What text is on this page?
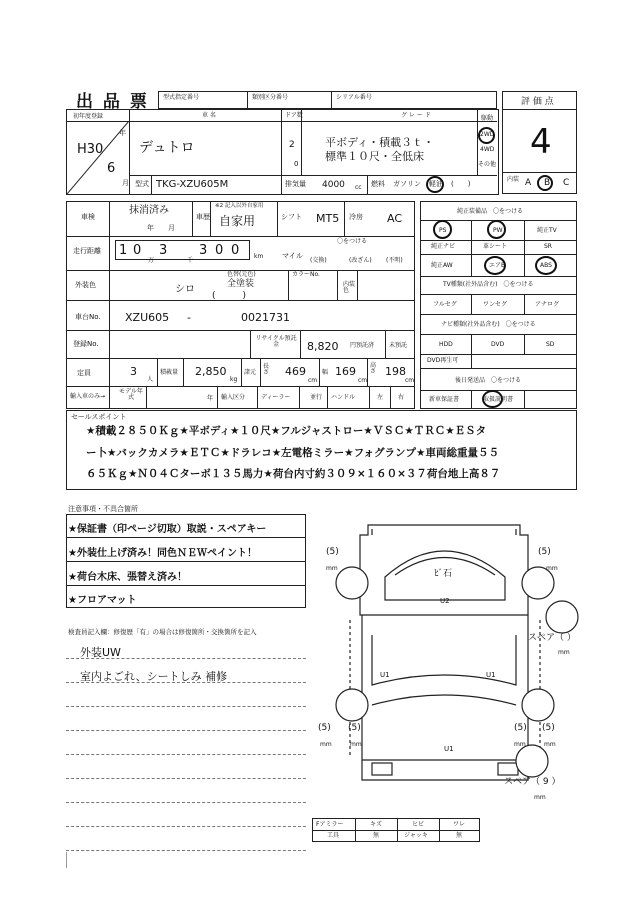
出 品 票 型式指定番号	類別区分番号	シリアル番号	評 価 点
4
内装 A B C
初年度登録
年
H30
6
月
車 名
デュトロ
型式 TKG-XZU605M
ドア数
2
0
排気量 4000 cc 燃料 ガソリン 軽油 (　　)
グ レ ー ド
平ボディ・積載３ｔ・
標準１０尺・全低床
駆動
2WD
4WD
その他
車検
抹消済み
年　　月
車歴
※2 記入以外自家用
自家用	シフト MT5 冷房 AC
走行距離 1 0
万
3
千
3 0 0 km
〇をつける
マイル
(交換)	(改ざん) (不明)
外装色
色替(元色)
シロ	全塗装
(　　　)
カラーNo.
内装色
車台No. XZU605 -	0021731
登録No.
リサイクル預託金	8,820 円預託済 未預託
定員	3
人
積載量 2,850
kg
諸元
長さ 469
cm
幅 169
cm
高さ 198
cm
輸入車のみ→
モデル年式	年 輸入区分	ディーラー	並行 ハンドル	左 右
純正装備品　〇をつける
PS	PW	純正TV
純正ナビ	革シート	SR
純正AW	エアB	ABS
TV種類(社外品含む)　〇をつける
フルセグ	ワンセグ	アナログ
ナビ種類(社外品含む)　〇をつける
HDD	DVD	SD
DVD再生可
後日発送品　〇をつける
新車保証書	取扱説明書
セールスポイント
★積載２８５０Ｋｇ★平ボディ★１０尺★フルジャストロー★ＶＳＣ★ＴＲＣ★ＥＳタ
ー卜★バックカメラ★ＥＴＣ★ドラレコ★左電格ミラー★フォグランプ★車両総重量５５
６５Ｋｇ★Ｎ０４Ｃターボ１３５馬力★荷台内寸約３０９×１６０×３７荷台地上高８７
注意事項・不具合箇所
★保証書（印ページ切取）取説・スペアキー
★外装仕上げ済み！同色ＮＥＷペイント！
★荷台木床、張替え済み！
★フロアマット
検査員記入欄：修復歴「有」の場合は修復箇所・交換箇所を記入
外装UW
室内よごれ、シートしみ 補修
ﾋﾞ石
U2
U1	U1
U1
(5)
mm
(5)
mm
(5)
mm
(5)
mm
(5)
mm
(5)
mm
スペア（ ）
mm
スペア（ 9 ）
mm
Fアミラー	キズ	ヒビ	ワレ
工具	無	ジャッキ	無
